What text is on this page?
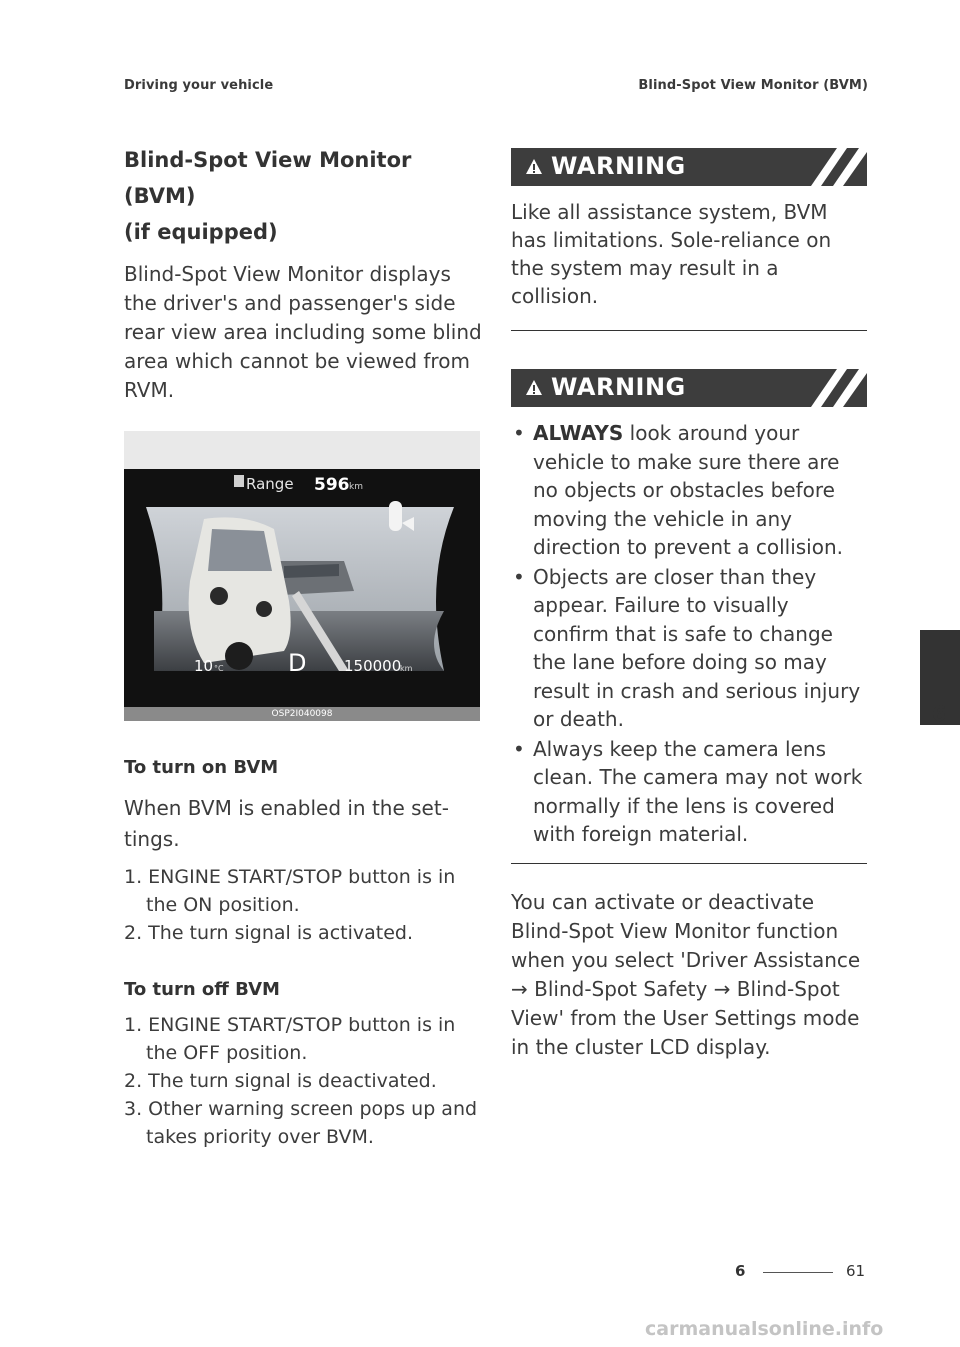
Driving your vehicle	Blind-Spot View Monitor (BVM)
Blind-Spot View Monitor (BVM)
(if equipped)

Blind-Spot View Monitor displays the driver's and passenger's side rear view area including some blind area which cannot be viewed from RVM.

Range 596 km
10 °C	D	150000
km
OSP2I040098
To turn on BVM

When BVM is enabled in the set- tings.

1. ENGINE START/STOP button is in the ON position.
2. The turn signal is activated.
To turn off BVM
1. ENGINE START/STOP button is in the OFF position.
2. The turn signal is deactivated.
3. Other warning screen pops up and takes priority over BVM.
WARNING

Like all assistance system, BVM has limitations. Sole-reliance on the system may result in a collision.

WARNING
• ALWAYS look around your vehicle to make sure there are no objects or obstacles before moving the vehicle in any direction to prevent a collision.
• Objects are closer than they appear. Failure to visually confirm that is safe to change the lane before doing so may result in crash and serious injury or death.
• Always keep the camera lens clean. The camera may not work normally if the lens is covered with foreign material.

You can activate or deactivate Blind-Spot View Monitor function when you select 'Driver Assistance → Blind-Spot Safety → Blind-Spot View' from the User Settings mode in the cluster LCD display.

6
6	61
carmanualsonline.info
